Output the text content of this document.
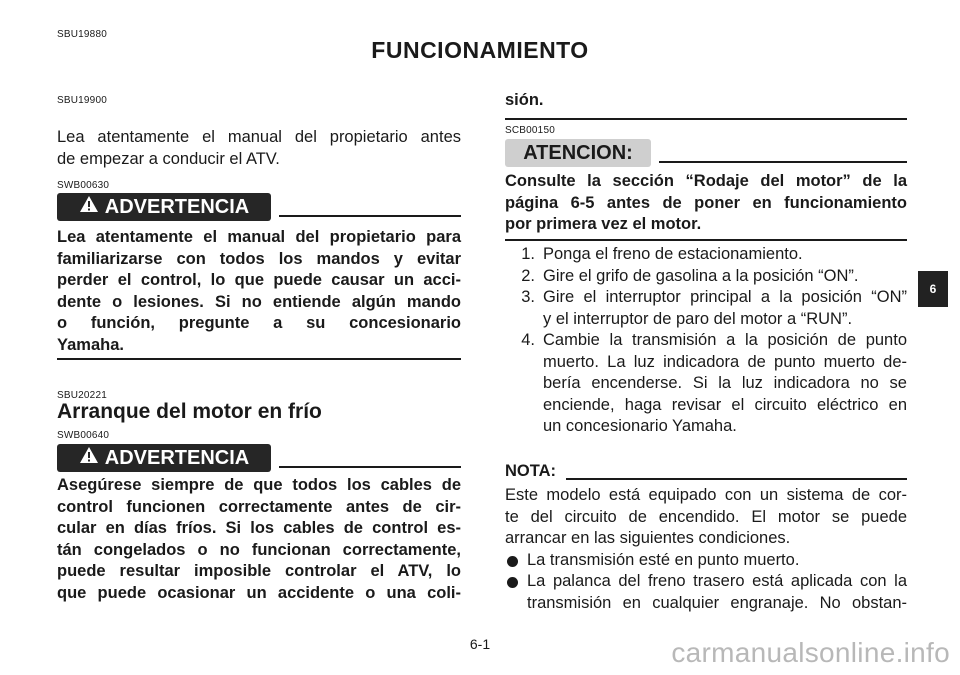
SBU19880
FUNCIONAMIENTO
SBU19900
Lea atentamente el manual del propietario antes
de empezar a conducir el ATV.
SWB00630
ADVERTENCIA
Lea atentamente el manual del propietario para
familiarizarse con todos los mandos y evitar
perder el control, lo que puede causar un acci-
dente o lesiones. Si no entiende algún mando
o función, pregunte a su concesionario
Yamaha.
SBU20221
Arranque del motor en frío
SWB00640
ADVERTENCIA
Asegúrese siempre de que todos los cables de
control funcionen correctamente antes de cir-
cular en días fríos. Si los cables de control es-
tán congelados o no funcionan correctamente,
puede resultar imposible controlar el ATV, lo
que puede ocasionar un accidente o una coli-
sión.
SCB00150
ATENCION:
Consulte la sección “Rodaje del motor” de la
página 6-5 antes de poner en funcionamiento
por primera vez el motor.
1. Ponga el freno de estacionamiento.
2. Gire el grifo de gasolina a la posición “ON”.
3. Gire el interruptor principal a la posición “ON”
y el interruptor de paro del motor a “RUN”.
4. Cambie la transmisión a la posición de punto
muerto. La luz indicadora de punto muerto de-
bería encenderse. Si la luz indicadora no se
enciende, haga revisar el circuito eléctrico en
un concesionario Yamaha.
NOTA:
Este modelo está equipado con un sistema de cor-
te del circuito de encendido. El motor se puede
arrancar en las siguientes condiciones.
La transmisión esté en punto muerto.
La palanca del freno trasero está aplicada con la
transmisión en cualquier engranaje. No obstan-
6
6-1	carmanualsonline.info
